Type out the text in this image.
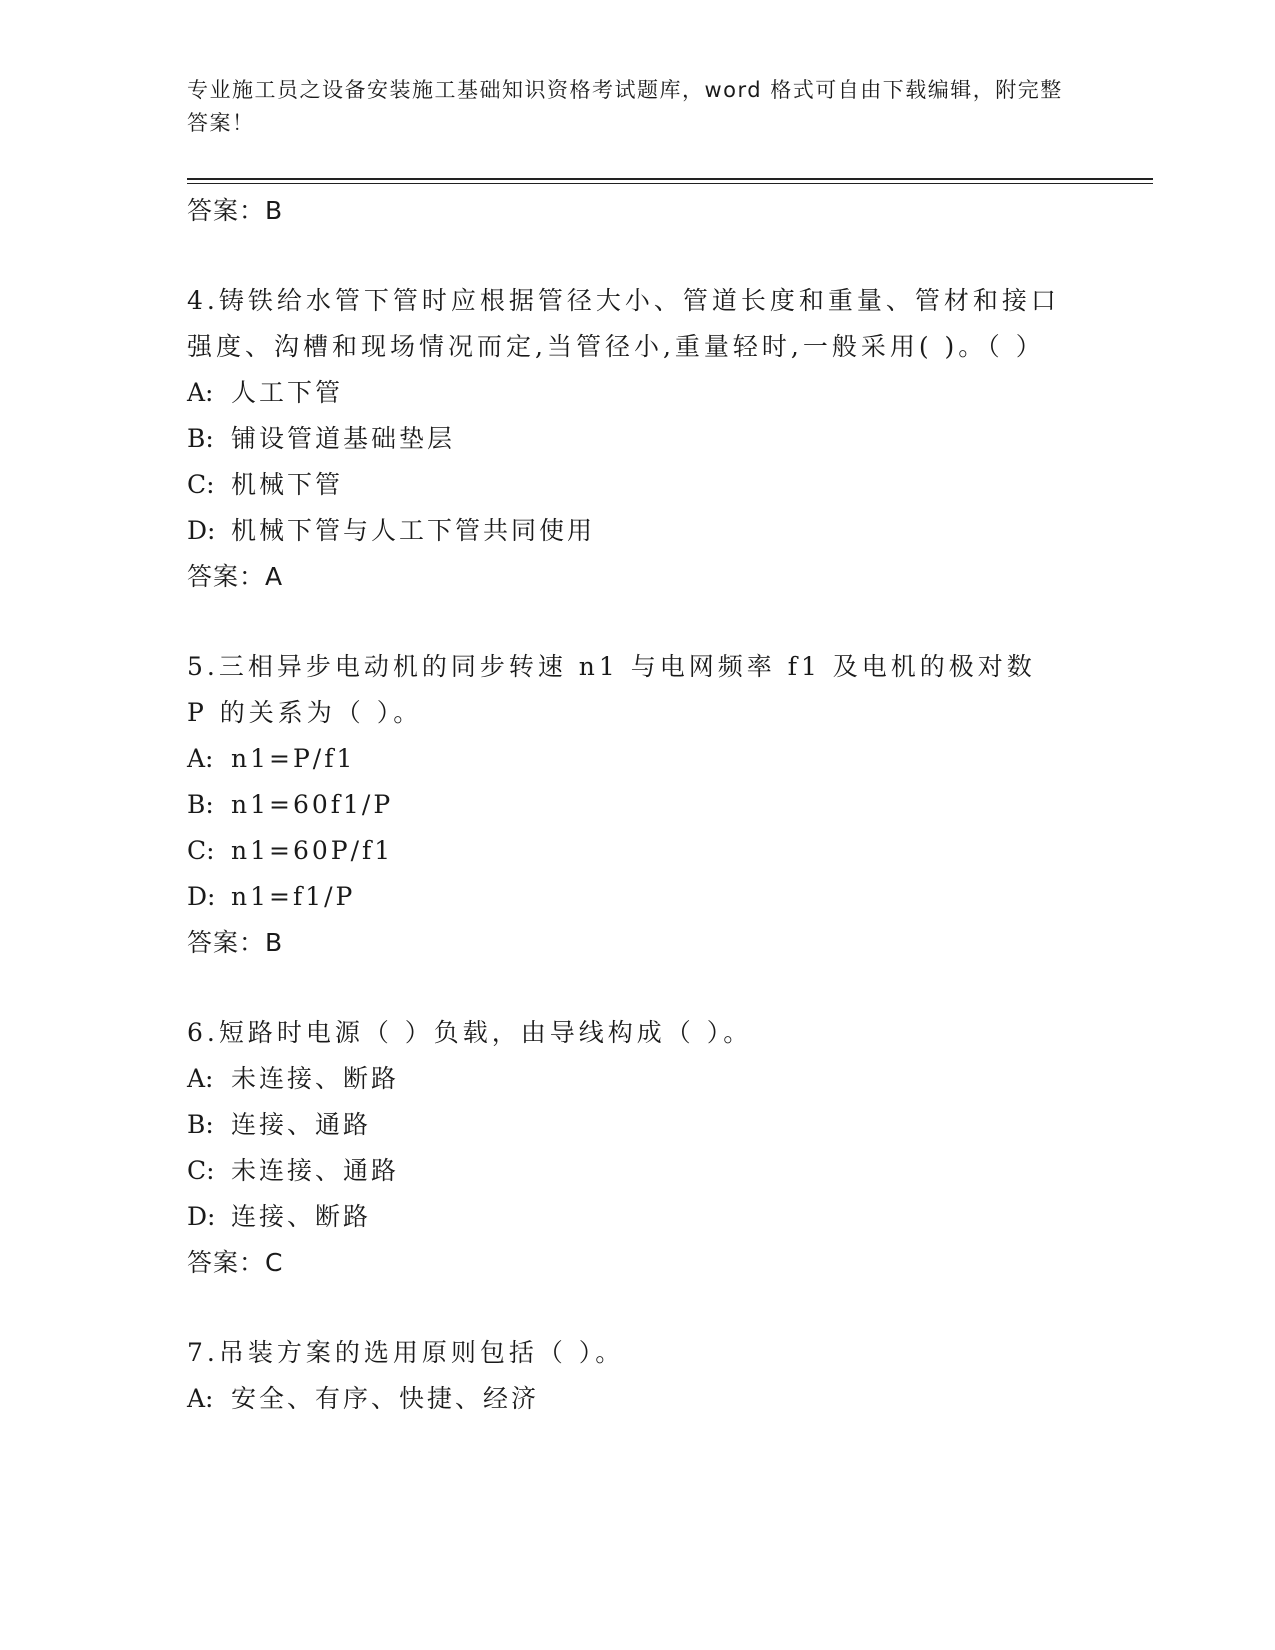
专业施工员之设备安装施工基础知识资格考试题库，word 格式可自由下载编辑，附完整答案！
答案：B

4.铸铁给水管下管时应根据管径大小、管道长度和重量、管材和接口强度、沟槽和现场情况而定,当管径小,重量轻时,一般采用( )。（ ）

A: 人工下管
B: 铺设管道基础垫层
C: 机械下管
D: 机械下管与人工下管共同使用
答案：A

5.三相异步电动机的同步转速 n1 与电网频率 f1 及电机的极对数 P 的关系为（ ）。

A: n1=P/f1
B: n1=60f1/P
C: n1=60P/f1
D: n1=f1/P
答案：B

6.短路时电源（ ）负载，由导线构成（ ）。

A: 未连接、断路
B: 连接、通路
C: 未连接、通路
D: 连接、断路
答案：C

7.吊装方案的选用原则包括（ ）。

A: 安全、有序、快捷、经济
